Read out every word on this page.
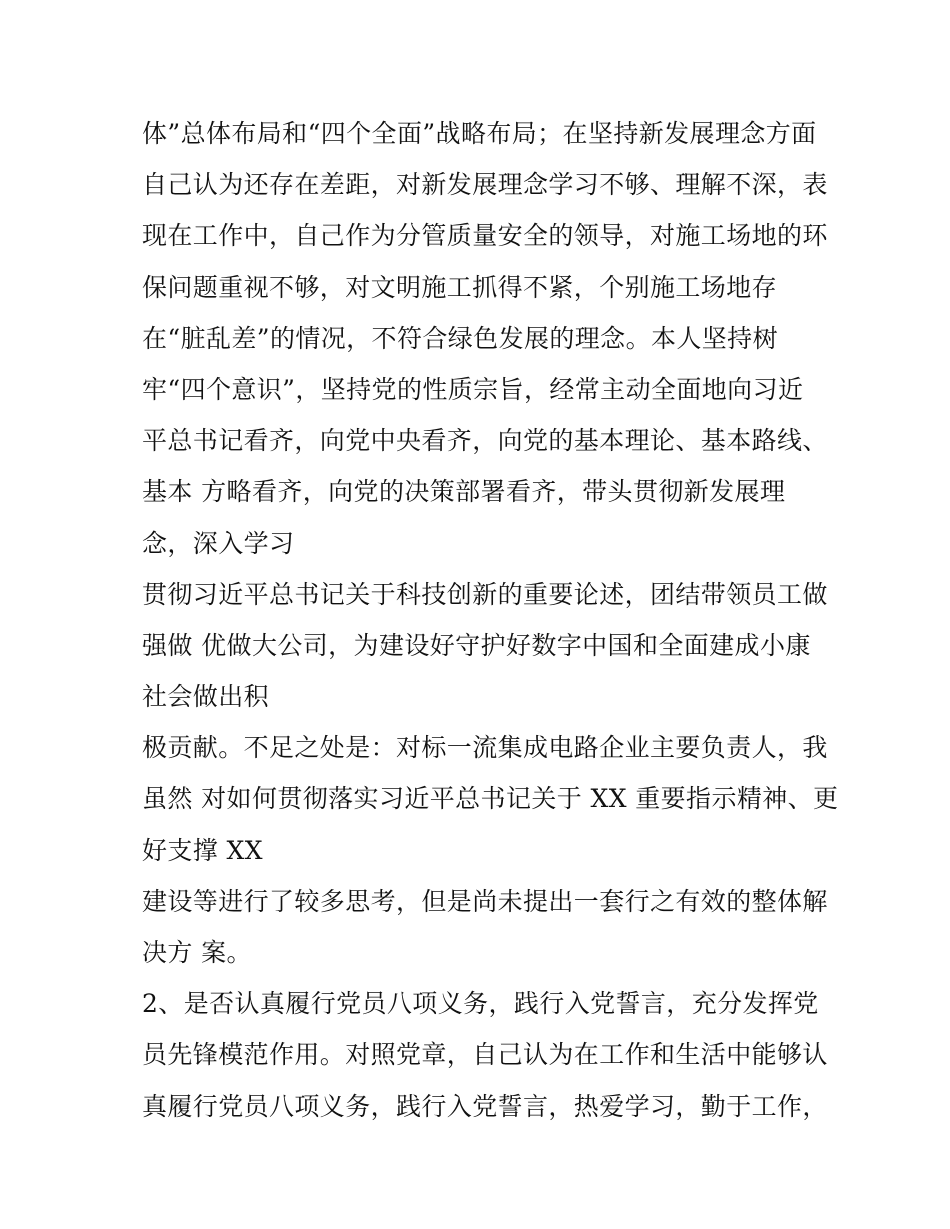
体”总体布局和“四个全面”战略布局；在坚持新发展理念方面
自己认为还存在差距，对新发展理念学习不够、理解不深，表
现在工作中，自己作为分管质量安全的领导，对施工场地的环
保问题重视不够，对文明施工抓得不紧，个别施工场地存
在“脏乱差”的情况，不符合绿色发展的理念。本人坚持树
牢“四个意识”，坚持党的性质宗旨，经常主动全面地向习近
平总书记看齐，向党中央看齐，向党的基本理论、基本路线、
基本 方略看齐，向党的决策部署看齐，带头贯彻新发展理
念，深入学习
贯彻习近平总书记关于科技创新的重要论述，团结带领员工做
强做 优做大公司，为建设好守护好数字中国和全面建成小康
社会做出积
极贡献。不足之处是：对标一流集成电路企业主要负责人，我
虽然 对如何贯彻落实习近平总书记关于 XX 重要指示精神、更
好支撑 XX
建设等进行了较多思考，但是尚未提出一套行之有效的整体解
决方 案。
2、是否认真履行党员八项义务，践行入党誓言，充分发挥党
员先锋模范作用。对照党章，自己认为在工作和生活中能够认
真履行党员八项义务，践行入党誓言，热爱学习，勤于工作，
